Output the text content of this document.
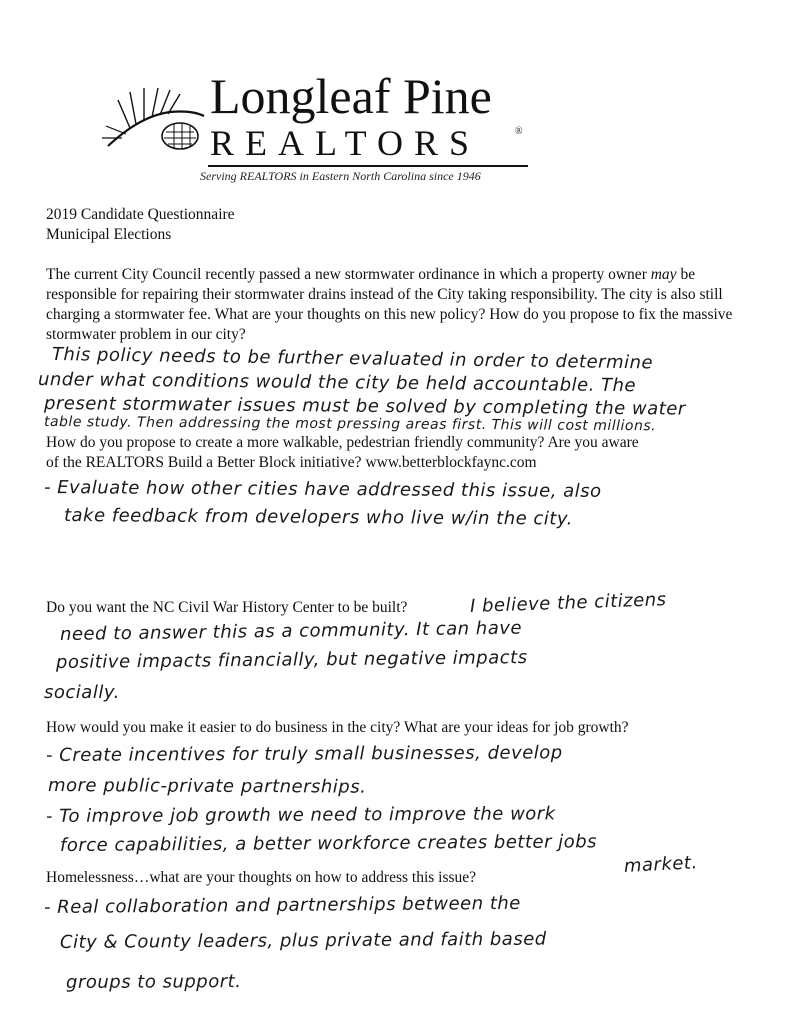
Longleaf Pine
REALTORS	®
Serving REALTORS in Eastern North Carolina since 1946
2019 Candidate Questionnaire
Municipal Elections
The current City Council recently passed a new stormwater ordinance in which a property owner may be responsible for repairing their stormwater drains instead of the City taking responsibility. The city is also still charging a stormwater fee. What are your thoughts on this new policy? How do you propose to fix the massive stormwater problem in our city?
This policy needs to be further evaluated in order to determine
under what conditions would the city be held accountable. The
present stormwater issues must be solved by completing the water
table study. Then addressing the most pressing areas first. This will cost millions.
How do you propose to create a more walkable, pedestrian friendly community? Are you aware
of the REALTORS Build a Better Block initiative? www.betterblockfaync.com
- Evaluate how other cities have addressed this issue, also
take feedback from developers who live w/in the city.
Do you want the NC Civil War History Center to be built?	I believe the citizens
need to answer this as a community. It can have
positive impacts financially, but negative impacts
socially.
How would you make it easier to do business in the city? What are your ideas for job growth?
- Create incentives for truly small businesses, develop
more public-private partnerships.
- To improve job growth we need to improve the work
force capabilities, a better workforce creates better jobs
market.
Homelessness…what are your thoughts on how to address this issue?
- Real collaboration and partnerships between the
City & County leaders, plus private and faith based
groups to support.
